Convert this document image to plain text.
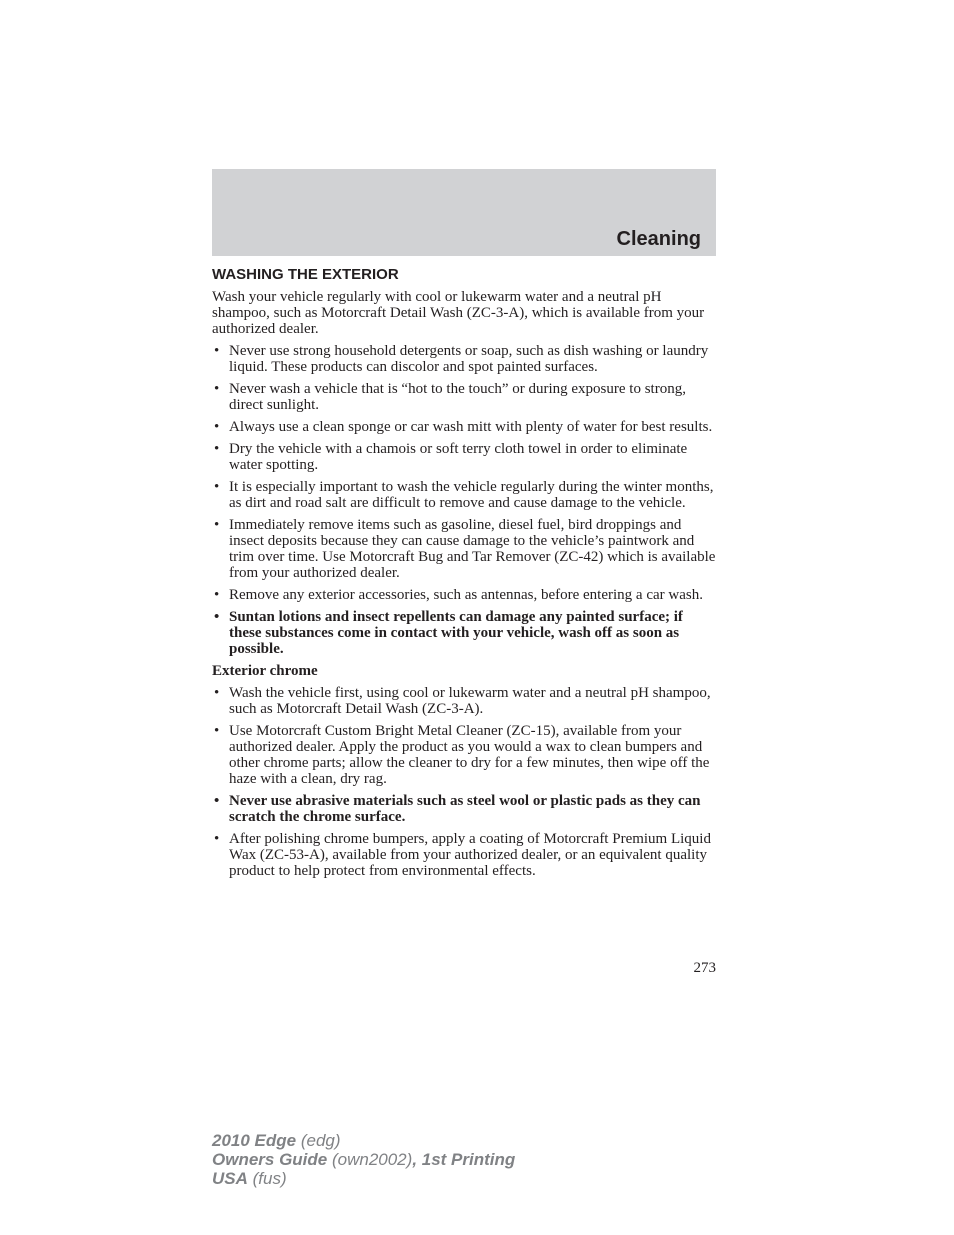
Cleaning
WASHING THE EXTERIOR

Wash your vehicle regularly with cool or lukewarm water and a neutral pH shampoo, such as Motorcraft Detail Wash (ZC-3-A), which is available from your authorized dealer.

• Never use strong household detergents or soap, such as dish washing or laundry liquid. These products can discolor and spot painted surfaces.
• Never wash a vehicle that is “hot to the touch” or during exposure to strong, direct sunlight.
• Always use a clean sponge or car wash mitt with plenty of water for best results.
• Dry the vehicle with a chamois or soft terry cloth towel in order to eliminate water spotting.
• It is especially important to wash the vehicle regularly during the winter months, as dirt and road salt are difficult to remove and cause damage to the vehicle.
• Immediately remove items such as gasoline, diesel fuel, bird droppings and insect deposits because they can cause damage to the vehicle’s paintwork and trim over time. Use Motorcraft Bug and Tar Remover (ZC-42) which is available from your authorized dealer.
• Remove any exterior accessories, such as antennas, before entering a car wash.
• Suntan lotions and insect repellents can damage any painted surface; if these substances come in contact with your vehicle, wash off as soon as possible.
Exterior chrome
• Wash the vehicle first, using cool or lukewarm water and a neutral pH shampoo, such as Motorcraft Detail Wash (ZC-3-A).
• Use Motorcraft Custom Bright Metal Cleaner (ZC-15), available from your authorized dealer. Apply the product as you would a wax to clean bumpers and other chrome parts; allow the cleaner to dry for a few minutes, then wipe off the haze with a clean, dry rag.
• Never use abrasive materials such as steel wool or plastic pads as they can scratch the chrome surface.
• After polishing chrome bumpers, apply a coating of Motorcraft Premium Liquid Wax (ZC-53-A), available from your authorized dealer, or an equivalent quality product to help protect from environmental effects.
273
2010 Edge (edg)
Owners Guide (own2002), 1st Printing
USA (fus)
